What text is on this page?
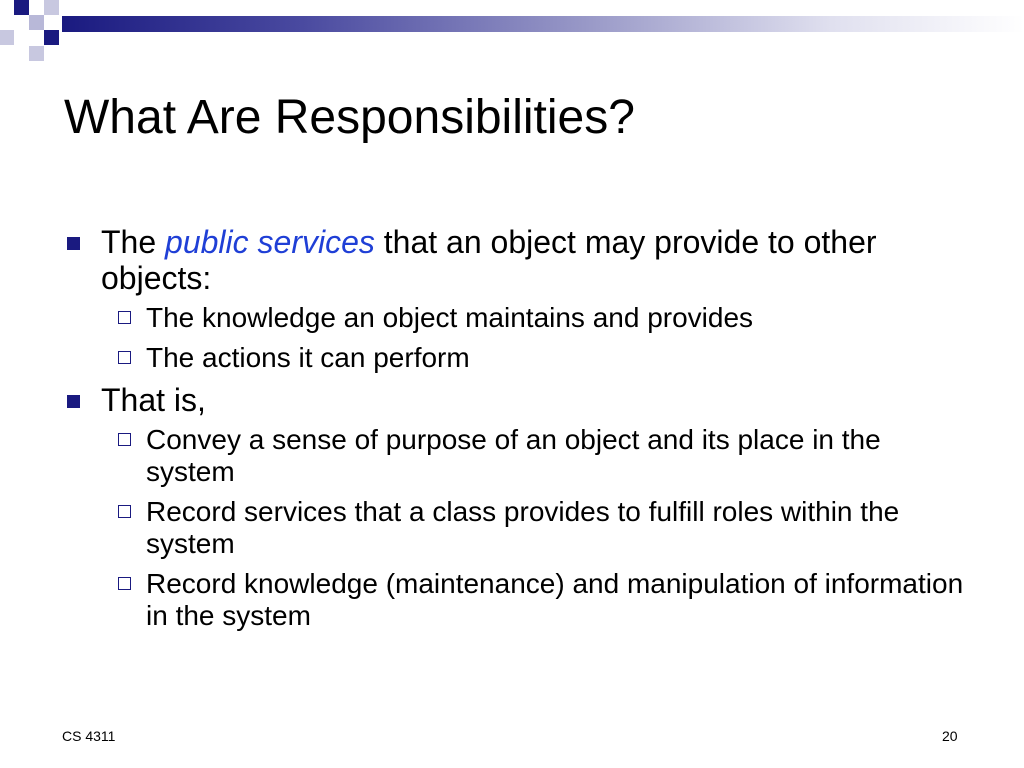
What Are Responsibilities?
The public services that an object may provide to other objects:
The knowledge an object maintains and provides
The actions it can perform
That is,
Convey a sense of purpose of an object and its place in the system
Record services that a class provides to fulfill roles within the system
Record knowledge (maintenance) and manipulation of information in the system
CS 4311	20
